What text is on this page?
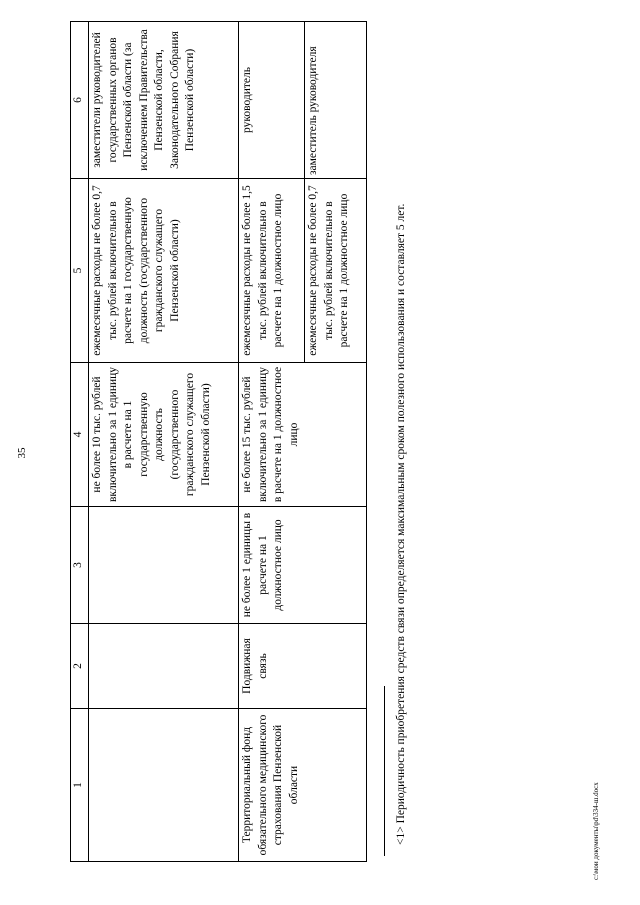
35
1	2	3	4	5	6
			не более 10 тыс. рублей включительно за 1 единицу в расчете на 1 государственную должность (государственного гражданского служащего Пензенской области)	ежемесячные расходы не более 0,7 тыс. рублей включительно в расчете на 1 государственную должность (государственного гражданского служащего Пензенской области)	заместители руководителей государственных органов Пензенской области (за исключением Правительства Пензенской области, Законодательного Собрания Пензенской области)
Территориальный фонд обязательного медицинского страхования Пензенской области	Подвижная связь	не более 1 единицы в расчете на 1 должностное лицо	не более 15 тыс. рублей включительно за 1 единицу в расчете на 1 должностное лицо	ежемесячные расходы не более 1,5 тыс. рублей включительно в расчете на 1 должностное лицо	руководитель
				ежемесячные расходы не более 0,7 тыс. рублей включительно в расчете на 1 должностное лицо	заместитель руководителя
<1> Периодичность приобретения средств связи определяется максимальным сроком полезного использования и составляет 5 лет.	c:\мои документы\pd\334-ш.docx
